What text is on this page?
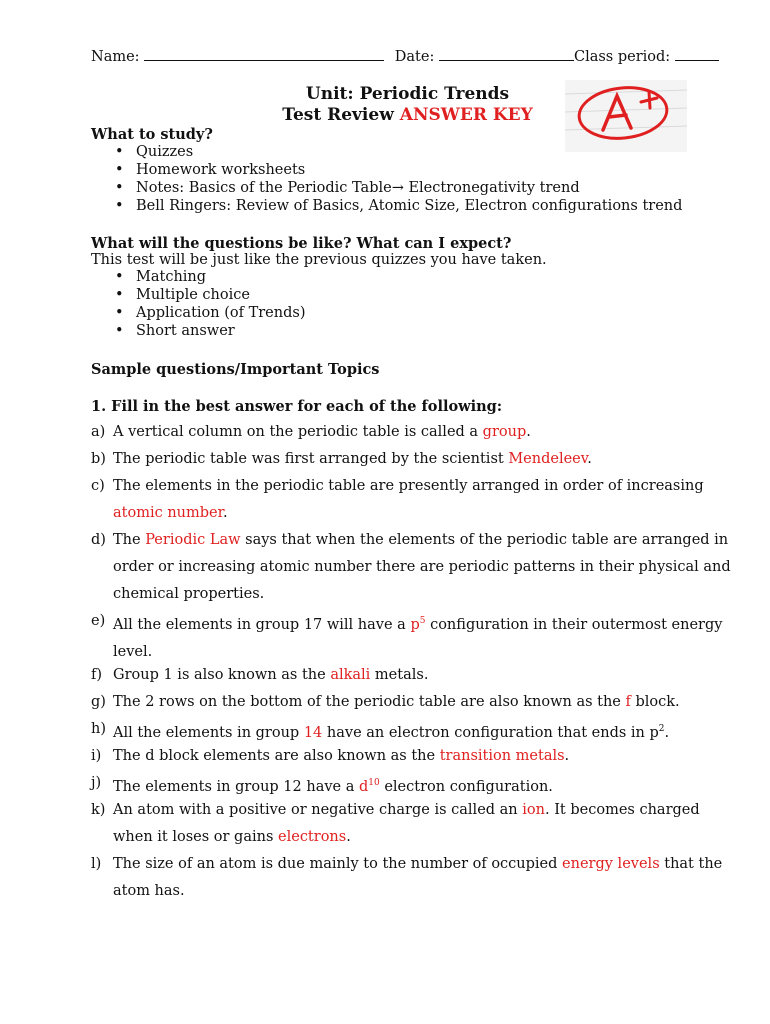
Name:	Date:	Class period:
Unit: Periodic Trends
Test Review ANSWER KEY
What to study?
• Quizzes
• Homework worksheets
• Notes: Basics of the Periodic Table→ Electronegativity trend
• Bell Ringers: Review of Basics, Atomic Size, Electron configurations trend
What will the questions be like? What can I expect?
This test will be just like the previous quizzes you have taken.
• Matching
• Multiple choice
• Application (of Trends)
• Short answer
Sample questions/Important Topics
1. Fill in the best answer for each of the following:
a) A vertical column on the periodic table is called a group.
b) The periodic table was first arranged by the scientist Mendeleev.
c) The elements in the periodic table are presently arranged in order of increasing atomic number.
d) The Periodic Law says that when the elements of the periodic table are arranged in order or increasing atomic number there are periodic patterns in their physical and chemical properties.
e) All the elements in group 17 will have a $p^5$ configuration in their outermost energy level.
f) Group 1 is also known as the alkali metals.
g) The 2 rows on the bottom of the periodic table are also known as the f block.
h) All the elements in group 14 have an electron configuration that ends in $p^2$.
i) The d block elements are also known as the transition metals.
j) The elements in group 12 have a $d^{10}$ electron configuration.
k) An atom with a positive or negative charge is called an ion. It becomes charged when it loses or gains electrons.
l) The size of an atom is due mainly to the number of occupied energy levels that the atom has.
